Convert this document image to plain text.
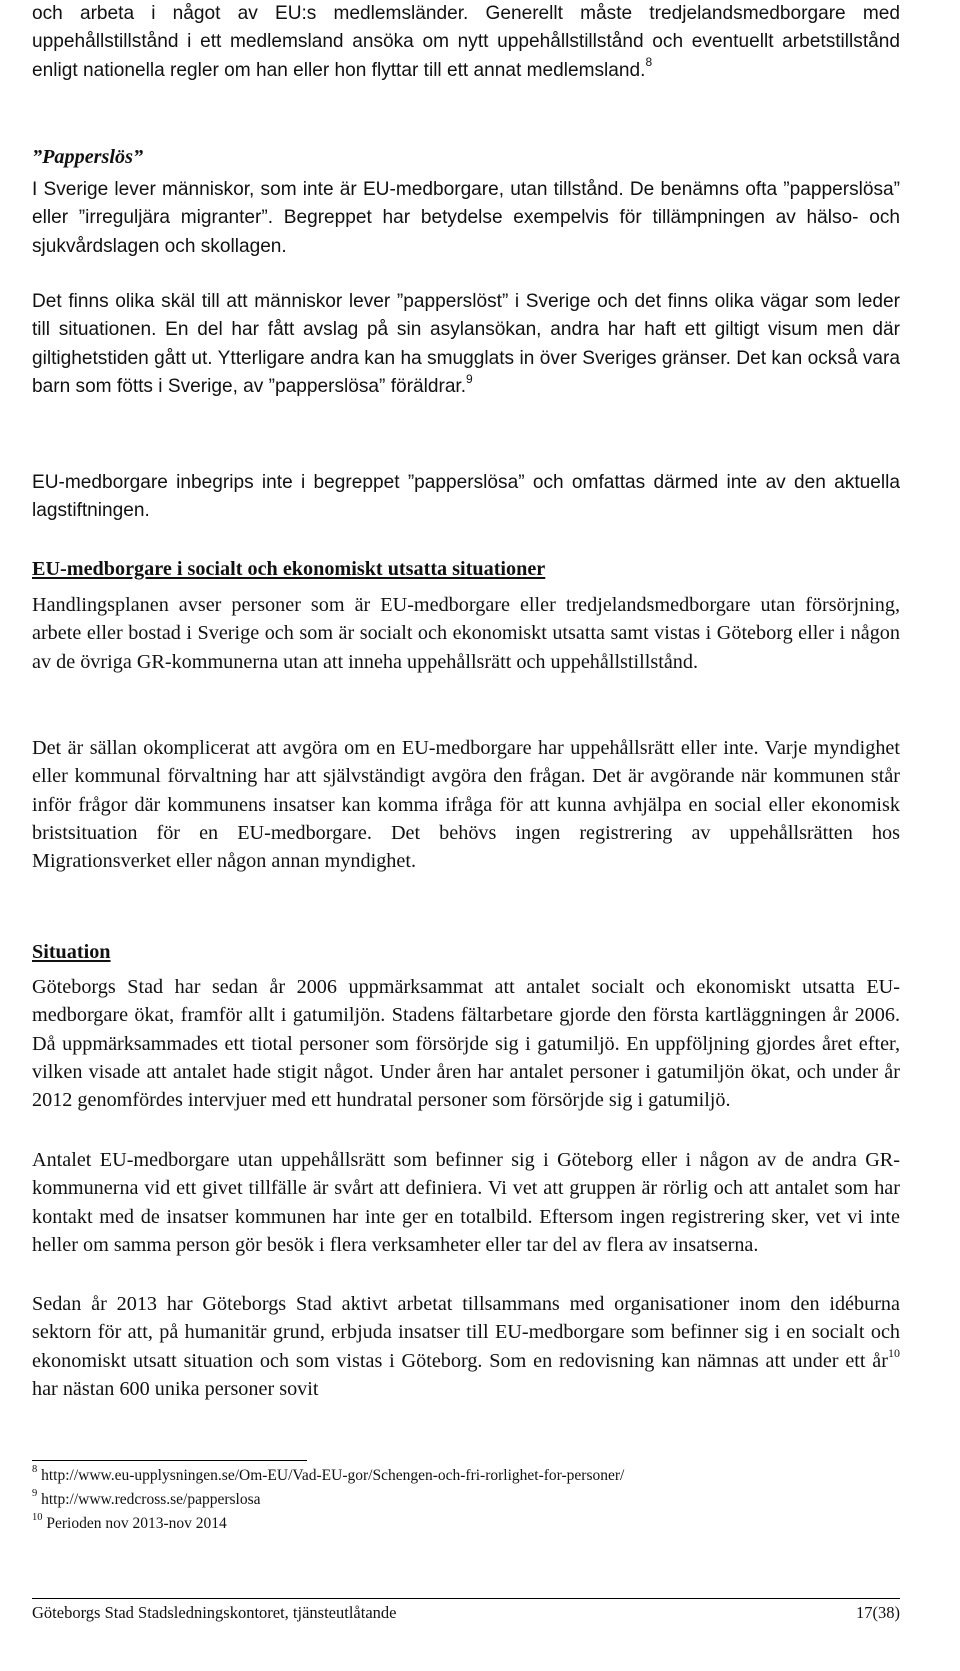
och arbeta i något av EU:s medlemsländer. Generellt måste tredjelandsmedborgare med uppehållstillstånd i ett medlemsland ansöka om nytt uppehållstillstånd och eventuellt arbetstillstånd enligt nationella regler om han eller hon flyttar till ett annat medlemsland.$^8$

”Papperslös”

I Sverige lever människor, som inte är EU-medborgare, utan tillstånd. De benämns ofta ”papperslösa” eller ”irreguljära migranter”. Begreppet har betydelse exempelvis för tillämpningen av hälso- och sjukvårdslagen och skollagen.

Det finns olika skäl till att människor lever ”papperslöst” i Sverige och det finns olika vägar som leder till situationen. En del har fått avslag på sin asylansökan, andra har haft ett giltigt visum men där giltighetstiden gått ut. Ytterligare andra kan ha smugglats in över Sveriges gränser. Det kan också vara barn som fötts i Sverige, av ”papperslösa” föräldrar.$^9$

EU-medborgare inbegrips inte i begreppet ”papperslösa” och omfattas därmed inte av den aktuella lagstiftningen.

EU-medborgare i socialt och ekonomiskt utsatta situationer

Handlingsplanen avser personer som är EU-medborgare eller tredjelandsmedborgare utan försörjning, arbete eller bostad i Sverige och som är socialt och ekonomiskt utsatta samt vistas i Göteborg eller i någon av de övriga GR-kommunerna utan att inneha uppehållsrätt och uppehållstillstånd.

Det är sällan okomplicerat att avgöra om en EU-medborgare har uppehållsrätt eller inte. Varje myndighet eller kommunal förvaltning har att självständigt avgöra den frågan. Det är avgörande när kommunen står inför frågor där kommunens insatser kan komma ifråga för att kunna avhjälpa en social eller ekonomisk bristsituation för en EU-medborgare. Det behövs ingen registrering av uppehållsrätten hos Migrationsverket eller någon annan myndighet.

Situation

Göteborgs Stad har sedan år 2006 uppmärksammat att antalet socialt och ekonomiskt utsatta EU-medborgare ökat, framför allt i gatumiljön. Stadens fältarbetare gjorde den första kartläggningen år 2006. Då uppmärksammades ett tiotal personer som försörjde sig i gatumiljö. En uppföljning gjordes året efter, vilken visade att antalet hade stigit något. Under åren har antalet personer i gatumiljön ökat, och under år 2012 genomfördes intervjuer med ett hundratal personer som försörjde sig i gatumiljö.

Antalet EU-medborgare utan uppehållsrätt som befinner sig i Göteborg eller i någon av de andra GR-kommunerna vid ett givet tillfälle är svårt att definiera. Vi vet att gruppen är rörlig och att antalet som har kontakt med de insatser kommunen har inte ger en totalbild. Eftersom ingen registrering sker, vet vi inte heller om samma person gör besök i flera verksamheter eller tar del av flera av insatserna.

Sedan år 2013 har Göteborgs Stad aktivt arbetat tillsammans med organisationer inom den idéburna sektorn för att, på humanitär grund, erbjuda insatser till EU-medborgare som befinner sig i en socialt och ekonomiskt utsatt situation och som vistas i Göteborg. Som en redovisning kan nämnas att under ett $år^{10}$ har nästan 600 unika personer sovit

$^8$ http://www.eu-upplysningen.se/Om-EU/Vad-EU-gor/Schengen-och-fri-rorlighet-for-personer/

$^9$ http://www.redcross.se/papperslosa

$^{10}$ Perioden nov 2013-nov 2014

Göteborgs Stad Stadsledningskontoret, tjänsteutlåtande	17(38)
